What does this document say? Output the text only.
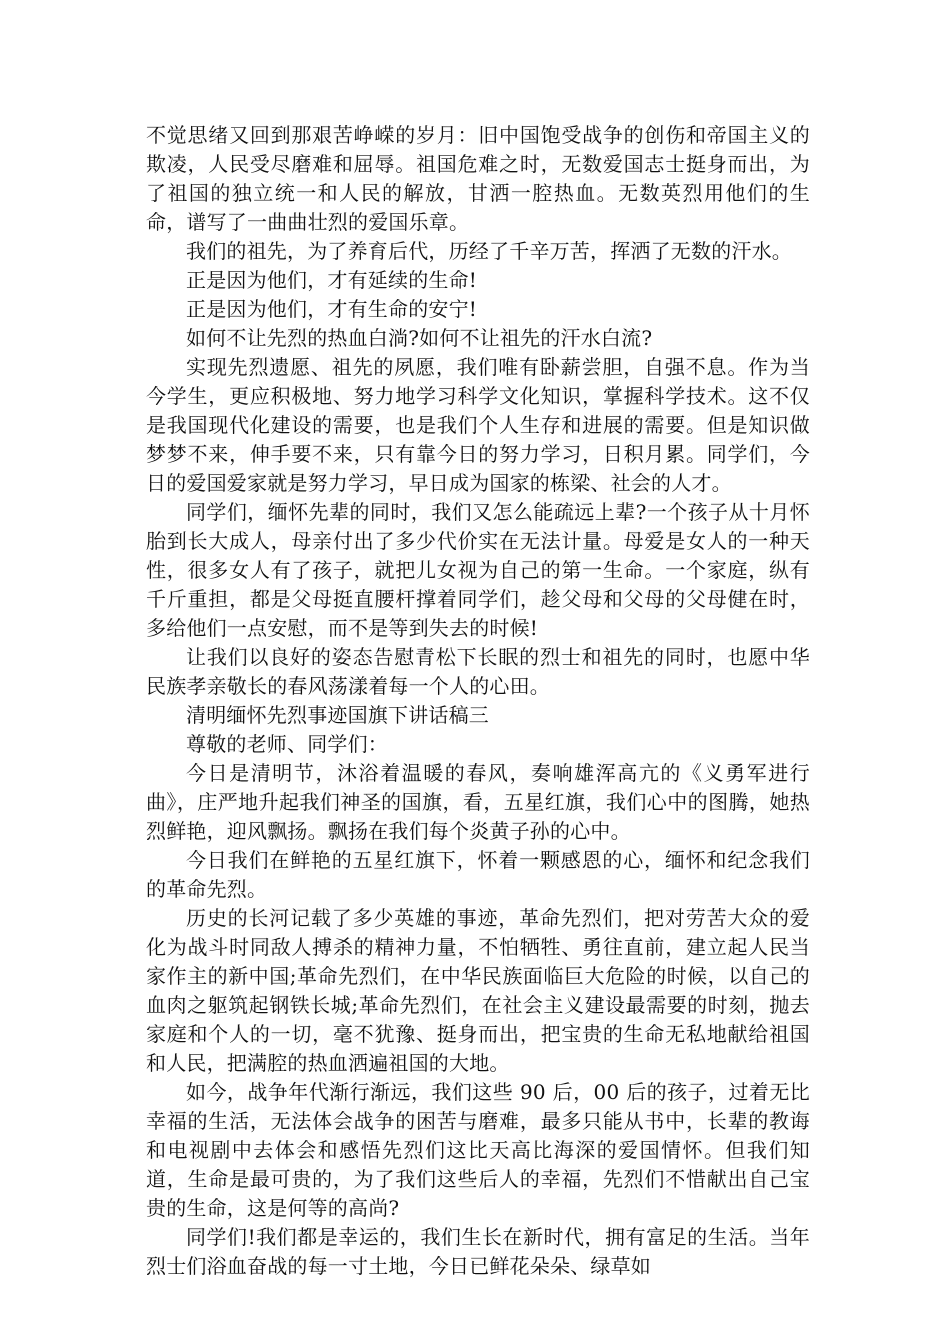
不觉思绪又回到那艰苦峥嵘的岁月：旧中国饱受战争的创伤和帝国主义的欺凌，人民受尽磨难和屈辱。祖国危难之时，无数爱国志士挺身而出，为了祖国的独立统一和人民的解放，甘洒一腔热血。无数英烈用他们的生命，谱写了一曲曲壮烈的爱国乐章。

我们的祖先，为了养育后代，历经了千辛万苦，挥洒了无数的汗水。

正是因为他们，才有延续的生命!

正是因为他们，才有生命的安宁!

如何不让先烈的热血白淌?如何不让祖先的汗水白流?

实现先烈遗愿、祖先的夙愿，我们唯有卧薪尝胆，自强不息。作为当今学生，更应积极地、努力地学习科学文化知识，掌握科学技术。这不仅是我国现代化建设的需要，也是我们个人生存和进展的需要。但是知识做梦梦不来，伸手要不来，只有靠今日的努力学习，日积月累。同学们，今日的爱国爱家就是努力学习，早日成为国家的栋梁、社会的人才。

同学们，缅怀先辈的同时，我们又怎么能疏远上辈?一个孩子从十月怀胎到长大成人，母亲付出了多少代价实在无法计量。母爱是女人的一种天性，很多女人有了孩子，就把儿女视为自己的第一生命。一个家庭，纵有千斤重担，都是父母挺直腰杆撑着同学们，趁父母和父母的父母健在时，多给他们一点安慰，而不是等到失去的时候!

让我们以良好的姿态告慰青松下长眠的烈士和祖先的同时，也愿中华民族孝亲敬长的春风荡漾着每一个人的心田。

清明缅怀先烈事迹国旗下讲话稿三

尊敬的老师、同学们：

今日是清明节，沐浴着温暖的春风，奏响雄浑高亢的《义勇军进行曲》，庄严地升起我们神圣的国旗，看，五星红旗，我们心中的图腾，她热烈鲜艳，迎风飘扬。飘扬在我们每个炎黄子孙的心中。

今日我们在鲜艳的五星红旗下，怀着一颗感恩的心，缅怀和纪念我们的革命先烈。

历史的长河记载了多少英雄的事迹，革命先烈们，把对劳苦大众的爱化为战斗时同敌人搏杀的精神力量，不怕牺牲、勇往直前，建立起人民当家作主的新中国;革命先烈们，在中华民族面临巨大危险的时候，以自己的血肉之躯筑起钢铁长城;革命先烈们，在社会主义建设最需要的时刻，抛去家庭和个人的一切，毫不犹豫、挺身而出，把宝贵的生命无私地献给祖国和人民，把满腔的热血洒遍祖国的大地。

如今，战争年代渐行渐远，我们这些 90 后，00 后的孩子，过着无比幸福的生活，无法体会战争的困苦与磨难，最多只能从书中，长辈的教诲和电视剧中去体会和感悟先烈们这比天高比海深的爱国情怀。但我们知道，生命是最可贵的，为了我们这些后人的幸福，先烈们不惜献出自己宝贵的生命，这是何等的高尚?

同学们!我们都是幸运的，我们生长在新时代，拥有富足的生活。当年烈士们浴血奋战的每一寸土地，今日已鲜花朵朵、绿草如
